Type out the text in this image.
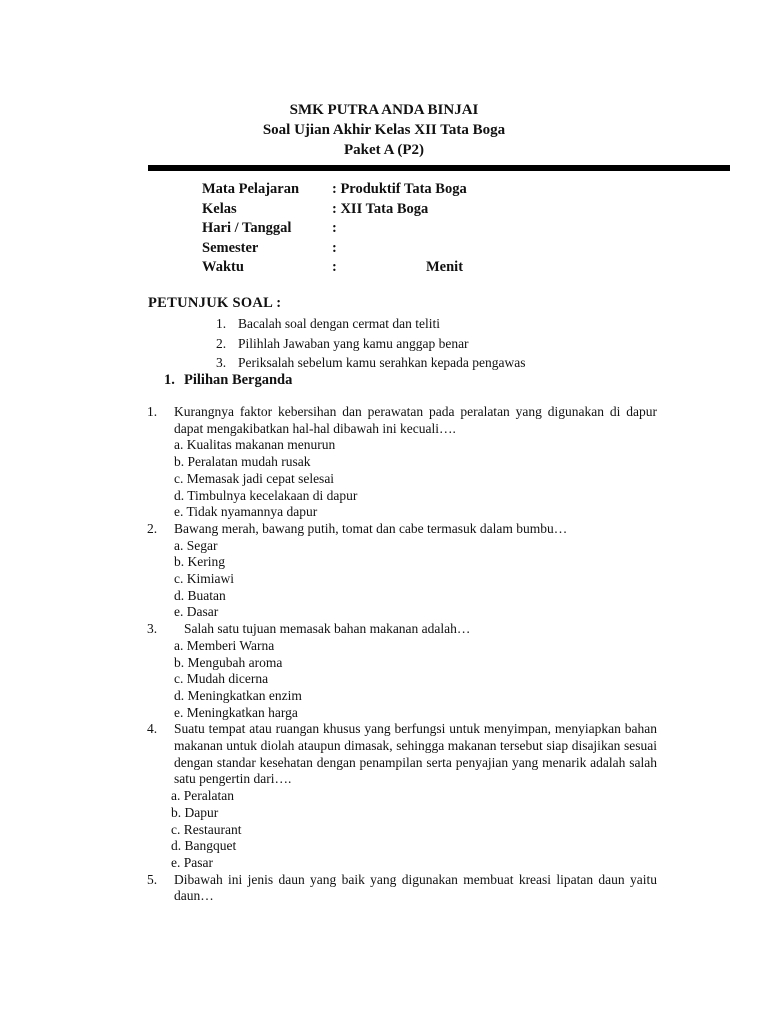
SMK PUTRA ANDA BINJAI
Soal Ujian Akhir Kelas XII Tata Boga
Paket A (P2)
Mata Pelajaran : Produktif Tata Boga
Kelas	: XII Tata Boga
Hari / Tanggal	:
Semester	:
Waktu	:	Menit
PETUNJUK SOAL :
1. Bacalah soal dengan cermat dan teliti
2. Pilihlah Jawaban yang kamu anggap benar
3. Periksalah sebelum kamu serahkan kepada pengawas
1. Pilihan Berganda
1. Kurangnya faktor kebersihan dan perawatan pada peralatan yang digunakan di dapur dapat mengakibatkan hal-hal dibawah ini kecuali….
a. Kualitas makanan menurun
b. Peralatan mudah rusak
c. Memasak jadi cepat selesai
d. Timbulnya kecelakaan di dapur
e. Tidak nyamannya dapur
2. Bawang merah, bawang putih, tomat dan cabe termasuk dalam bumbu…
a. Segar
b. Kering
c. Kimiawi
d. Buatan
e. Dasar
3.	Salah satu tujuan memasak bahan makanan adalah…
a. Memberi Warna
b. Mengubah aroma
c. Mudah dicerna
d. Meningkatkan enzim
e. Meningkatkan harga
4. Suatu tempat atau ruangan khusus yang berfungsi untuk menyimpan, menyiapkan bahan makanan untuk diolah ataupun dimasak, sehingga makanan tersebut siap disajikan sesuai dengan standar kesehatan dengan penampilan serta penyajian yang menarik adalah salah satu pengertin dari….
a. Peralatan
b. Dapur
c. Restaurant
d. Bangquet
e. Pasar
5. Dibawah ini jenis daun yang baik yang digunakan membuat kreasi lipatan daun yaitu daun…
